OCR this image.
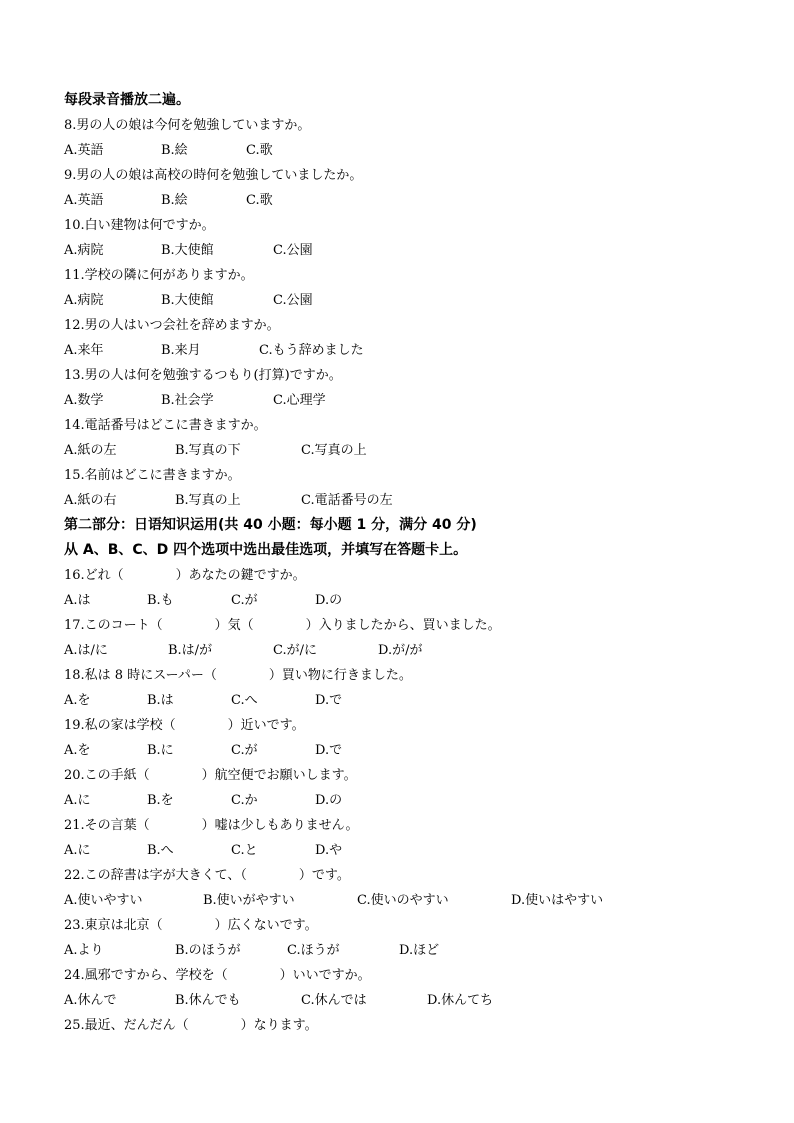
每段录音播放二遍。
8.男の人の娘は今何を勉強していますか。
A.英語	B.絵	C.歌
9.男の人の娘は高校の時何を勉強していましたか。
A.英語	B.絵	C.歌
10.白い建物は何ですか。
A.病院	B.大使館	C.公園
11.学校の隣に何がありますか。
A.病院	B.大使館	C.公園
12.男の人はいつ会社を辞めますか。
A.来年	B.来月	C.もう辞めました
13.男の人は何を勉強するつもり(打算)ですか。
A.数学	B.社会学	C.心理学
14.電話番号はどこに書きますか。
A.紙の左	B.写真の下	C.写真の上
15.名前はどこに書きますか。
A.紙の右	B.写真の上	C.電話番号の左
第二部分：日语知识运用(共 40 小题：每小题 1 分，满分 40 分)
从 A、B、C、D 四个选项中选出最佳选项，并填写在答题卡上。
16.どれ（　　　　）あなたの鍵ですか。
A.は	B.も	C.が	D.の
17.このコート（　　　　）気（　　　　）入りましたから、買いました。
A.は/に	B.は/が	C.が/に	D.が/が
18.私は 8 時にスーパー（　　　　）買い物に行きました。
A.を	B.は	C.へ	D.で
19.私の家は学校（　　　　）近いです。
A.を	B.に	C.が	D.で
20.この手紙（　　　　）航空便でお願いします。
A.に	B.を	C.か	D.の
21.その言葉（　　　　）嘘は少しもありません。
A.に	B.へ	C.と	D.や
22.この辞書は字が大きくて、（　　　　）です。
A.使いやすい	B.使いがやすい	C.使いのやすい	D.使いはやすい
23.東京は北京（　　　　）広くないです。
A.より	B.のほうが	C.ほうが	D.ほど
24.風邪ですから、学校を（　　　　）いいですか。
A.休んで	B.休んでも	C.休んでは	D.休んてち
25.最近、だんだん（　　　　）なります。
